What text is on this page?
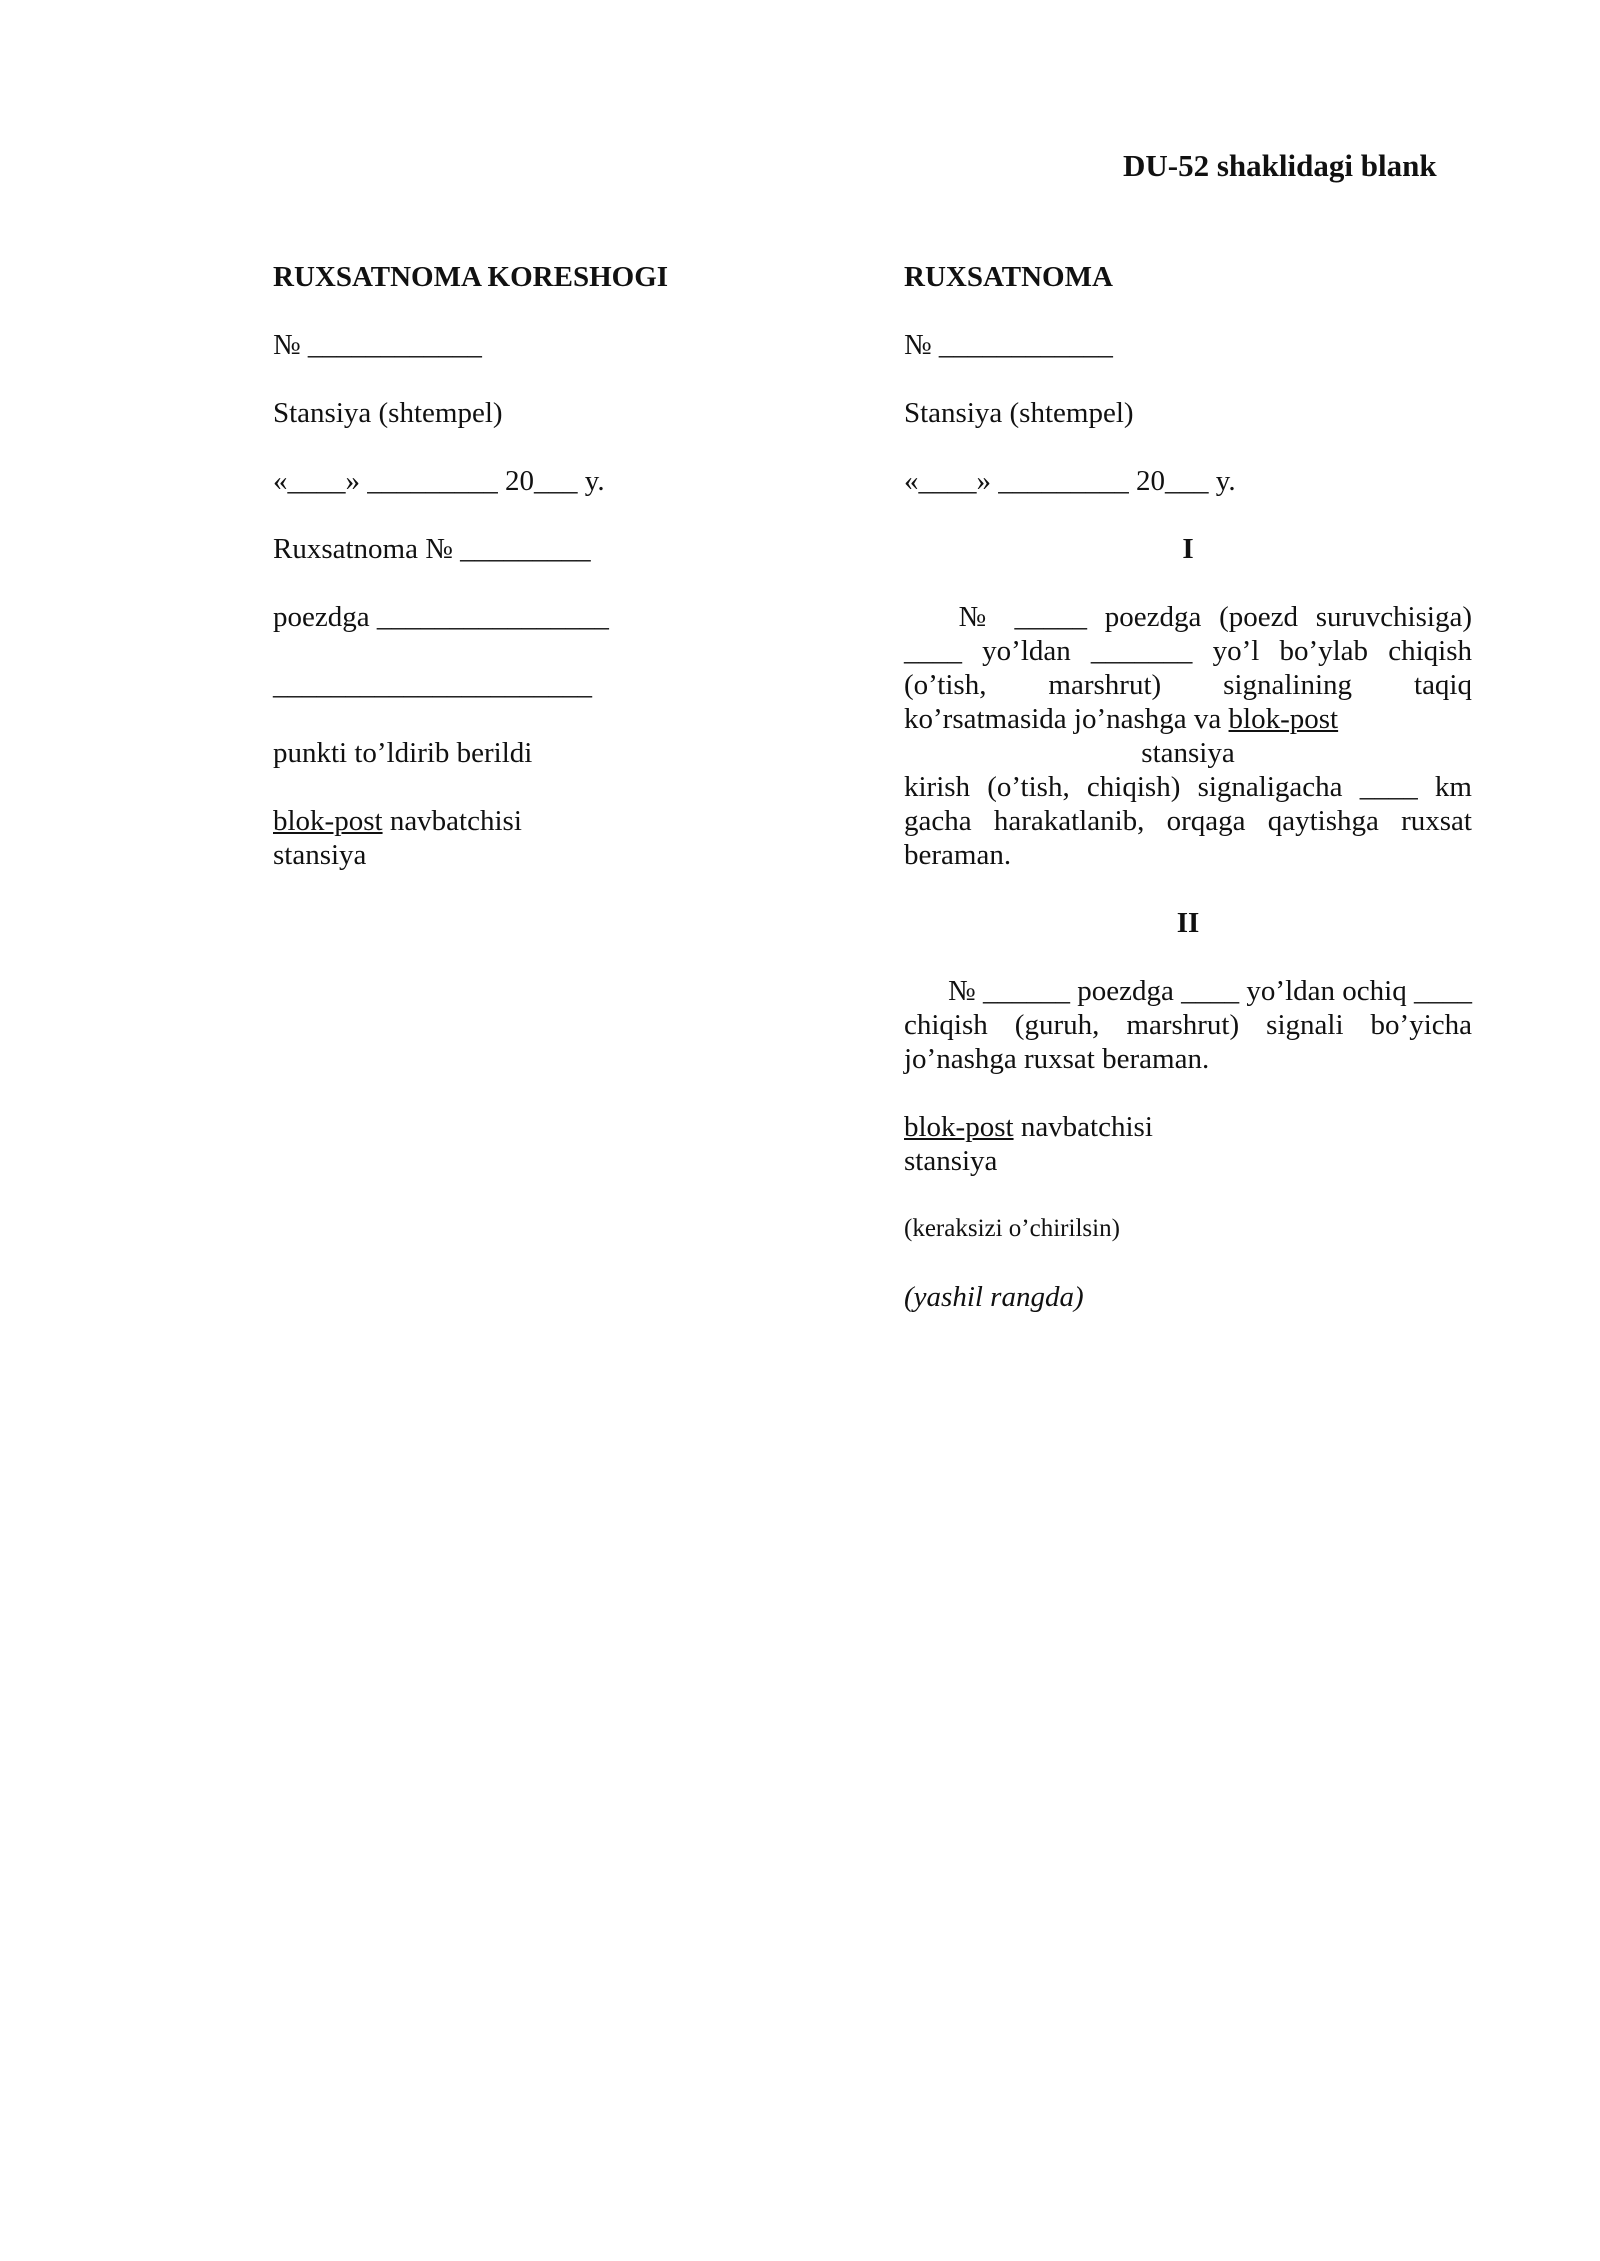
DU-52 shaklidagi blank
RUXSATNOMA KORESHOGI
№ ____________
Stansiya (shtempel)
«____» _________ 20___ y.
Ruxsatnoma № _________
poezdga ________________
______________________
punkti to’ldirib berildi
blok-post navbatchisi
stansiya
RUXSATNOMA
№ ____________
Stansiya (shtempel)
«____» _________ 20___ y.
I
№ _____ poezdga (poezd suruvchisiga) ____ yo’ldan _______ yo’l bo’ylab chiqish (o’tish, marshrut) signalining taqiq ko’rsatmasida jo’nashga va blok-post
stansiya
kirish (o’tish, chiqish) signaligacha ____ km gacha harakatlanib, orqaga qaytishga ruxsat beraman.
II
№ ______ poezdga ____ yo’ldan ochiq ____ chiqish (guruh, marshrut) signali bo’yicha jo’nashga ruxsat beraman.
blok-post navbatchisi
stansiya
(keraksizi o’chirilsin)
(yashil rangda)
